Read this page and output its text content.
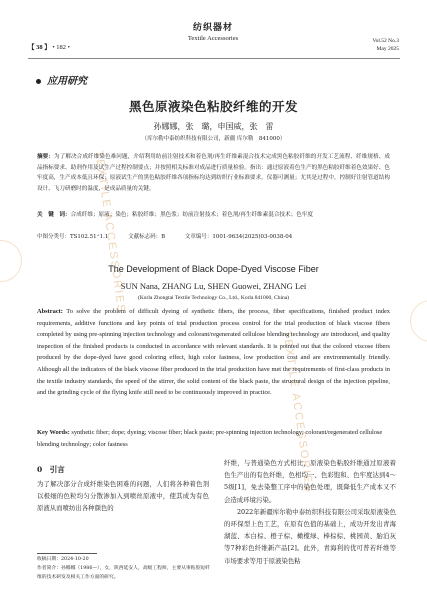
TEXTILE ACCESSORIES
TEXTILE ACCESSORIES
【 38 】 • 182 •
纺织器材
Textile Accessories	Vol.52 No.3
May 2025
应用研究
黑色原液染色粘胶纤维的开发
孙娜娜，张　璐，申国威，张　雷
（库尔勒中泰纺织科技有限公司，新疆 库尔勒　841000）
摘要：为了解决合成纤维染色难问题，介绍利用纺前注射技术和着色剂/再生纤维素混合技术完成黑色粘胶纤维的开发工艺流程、纤维规格、成品指标要求、助剂作用及试生产过程控制要点；并按照相关标准对成品进行质量检验。指出：通过原液着色生产的黑色粘胶纤维着色效果好、色牢度高，生产成本低且环保；原液试生产的黑色粘胶纤维各项指标均达到纺织行业标准要求，仪器可测量；尤其是过程中，控制好注射管道结构设计、飞刀研磨时的温度，是成品质量的关键。
关　键　词：合成纤维；原液；染色；粘胶纤维；黑色浆；纺前注射技术；着色剂/再生纤维素混合技术；色牢度
中图分类号：TS102.51⁺1.1	文献标志码：B	文章编号：1001-9634(2025)03-0038-04
The Development of Black Dope-Dyed Viscose Fiber
SUN Nana, ZHANG Lu, SHEN Guowei, ZHANG Lei
(Korla Zhongtai Textile Technology Co., Ltd., Korla 841000, China)
Abstract: To solve the problem of difficult dyeing of synthetic fibers, the process, fiber specifications, finished product index requirements, additive functions and key points of trial production process control for the trial production of black viscose fibers completed by using pre-spinning injection technology and colorant/regenerated cellulose blending technology are introduced, and quality inspection of the finished products is conducted in accordance with relevant standards. It is pointed out that the colored viscose fibers produced by the dope-dyed have good coloring effect, high color fastness, low production cost and are environmentally friendly. Although all the indicators of the black viscose fiber produced in the trial production have met the requirements of first-class products in the textile industry standards, the speed of the stirrer, the solid content of the black paste, the structural design of the injection pipeline, and the grinding cycle of the flying knife still need to be continuously improved in practice.
Key Words: synthetic fiber; dope; dyeing; viscose fiber; black paste; pre-spinning injection technology; colorant/regenerated cellulose blending technology; color fastness
0　引言
为了解决部分合成纤维染色困难的问题，人们将各种着色剂以极细的色粒均匀分散渗加入到喷丝原液中，使其成为有色原液从而喷纺出各种颜色的
纤维，与普通染色方式相比，原液染色粘胶纤维通过原液着色生产出的有色纤维，色相均一、色彩饱和、色牢度达到4～5级[1]，免去染整工序中的染色处理，既降低生产成本又不会造成环境污染。
　　2022年新疆库尔勒中泰纺织科技有限公司采取原液染色的环保型上色工艺，在原有色值的基础上，成功开发出青海湖蓝、本白棕、橙子棕、橄榄绿、棒棕棕、桃园黄、胎泊灰等7种彩色纤维新产品[2]。此外，青海利的优可普若纤维等市场要求等用于原液染色粘
收稿日期：2024-10-20
作者简介：孙娜娜（1986—），女，陕西延安人，高级工程师，主要从事粘胶短纤维的技术研发及相关工作方面的研究。
